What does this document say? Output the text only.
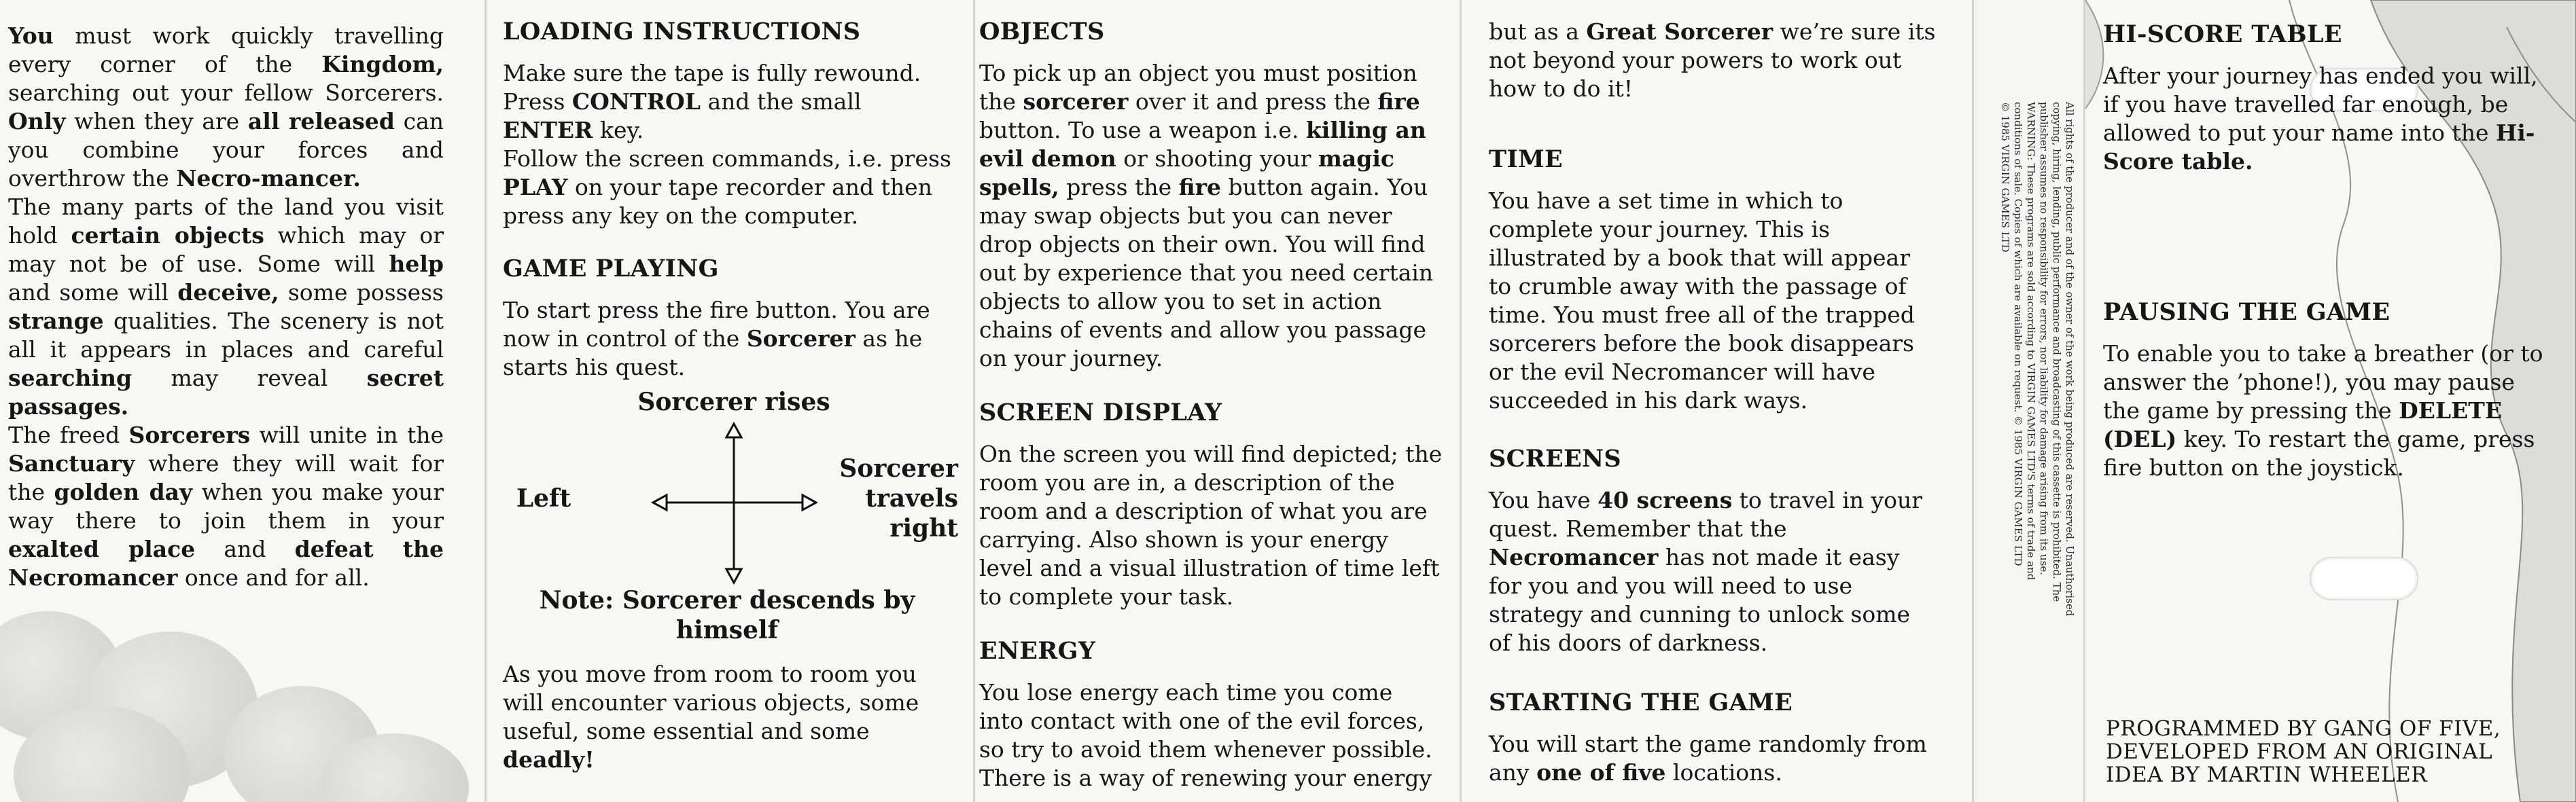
You must work quickly travelling every corner of the Kingdom, searching out your fellow Sorcerers. Only when they are all released can you combine your forces and overthrow the Necro-mancer.

The many parts of the land you visit hold certain objects which may or may not be of use. Some will help and some will deceive, some possess strange qualities. The scenery is not all it appears in places and careful searching may reveal secret passages.

The freed Sorcerers will unite in the Sanctuary where they will wait for the golden day when you make your way there to join them in your exalted place and defeat the Necromancer once and for all.

LOADING INSTRUCTIONS

Make sure the tape is fully rewound. Press CONTROL and the small ENTER key.
Follow the screen commands, i.e. press PLAY on your tape recorder and then press any key on the computer.

GAME PLAYING

To start press the fire button. You are now in control of the Sorcerer as he starts his quest.

Sorcerer rises
Left
Sorcerer travels right
Note: Sorcerer descends by himself

As you move from room to room you will encounter various objects, some useful, some essential and some deadly!

OBJECTS

To pick up an object you must position the sorcerer over it and press the fire button. To use a weapon i.e. killing an evil demon or shooting your magic spells, press the fire button again. You may swap objects but you can never drop objects on their own. You will find out by experience that you need certain objects to allow you to set in action chains of events and allow you passage on your journey.

SCREEN DISPLAY

On the screen you will find depicted; the room you are in, a description of the room and a description of what you are carrying. Also shown is your energy level and a visual illustration of time left to complete your task.

ENERGY

You lose energy each time you come into contact with one of the evil forces, so try to avoid them whenever possible. There is a way of renewing your energy

but as a Great Sorcerer we’re sure its not beyond your powers to work out how to do it!

TIME

You have a set time in which to complete your journey. This is illustrated by a book that will appear to crumble away with the passage of time. You must free all of the trapped sorcerers before the book disappears or the evil Necromancer will have succeeded in his dark ways.

SCREENS

You have 40 screens to travel in your quest. Remember that the Necromancer has not made it easy for you and you will need to use strategy and cunning to unlock some of his doors of darkness.

STARTING THE GAME

You will start the game randomly from any one of five locations.

All rights of the producer and of the owner of the work being produced are reserved. Unauthorised
copying, hiring, lending, public performance and broadcasting of this cassette is prohibited. The
publisher assumes no responsibility for errors, nor liability for damage arising from its use.
WARNING: These programs are sold according to VIRGIN GAMES LTD'S terms of trade and
conditions of sale. Copies of which are available on request. © 1985 VIRGIN GAMES LTD
© 1985 VIRGIN GAMES LTD
HI-SCORE TABLE

After your journey has ended you will, if you have travelled far enough, be allowed to put your name into the Hi-Score table.

PAUSING THE GAME

To enable you to take a breather (or to answer the ’phone!), you may pause the game by pressing the DELETE (DEL) key. To restart the game, press fire button on the joystick.

PROGRAMMED BY GANG OF FIVE, DEVELOPED FROM AN ORIGINAL IDEA BY MARTIN WHEELER
